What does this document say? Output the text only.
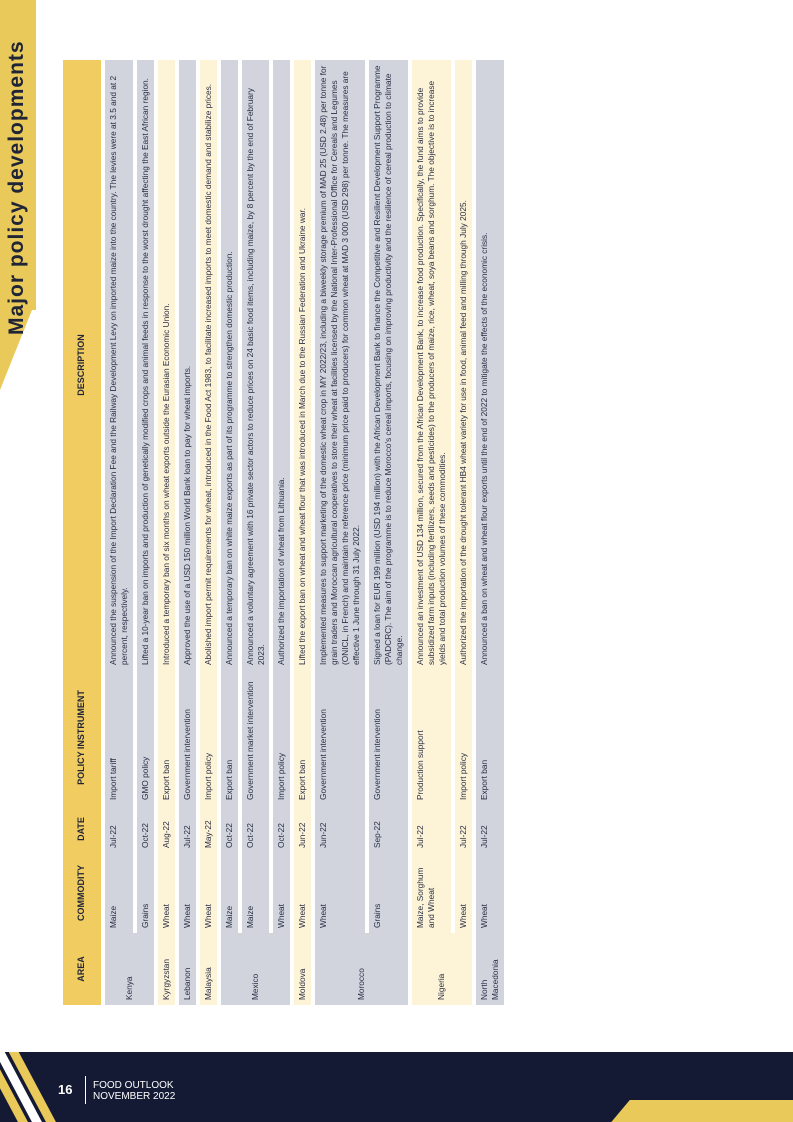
Major policy developments
AREA	COMMODITY	DATE	POLICY INSTRUMENT	DESCRIPTION
Kenya	Maize	Jul-22	Import tariff	Announced the suspension of the Import Declaration Fee and the Railway Development Levy on imported maize into the country. The levies were at 3.5 and at 2 percent, respectively.
	Grains	Oct-22	GMO policy	Lifted a 10-year ban on imports and production of genetically modified crops and animal feeds in response to the worst drought affecting the East African region.
Kyrgyzstan	Wheat	Aug-22	Export ban	Introduced a temporary ban of six months on wheat exports outside the Eurasian Economic Union.
Lebanon	Wheat	Jul-22	Government intervention	Approved the use of a USD 150 million World Bank loan to pay for wheat imports.
Malaysia	Wheat	May-22	Import policy	Abolished import permit requirements for wheat, introduced in the Food Act 1983, to facilitate increased imports to meet domestic demand and stabilize prices.
Mexico	Maize	Oct-22	Export ban	Announced a temporary ban on white maize exports as part of its programme to strengthen domestic production.
	Maize	Oct-22	Government market intervention	Announced a voluntary agreement with 16 private sector actors to reduce prices on 24 basic food items, including maize, by 8 percent by the end of February 2023.
	Wheat	Oct-22	Import policy	Authorized the importation of wheat from Lithuania.
Moldova	Wheat	Jun-22	Export ban	Lifted the export ban on wheat and wheat flour that was introduced in March due to the Russian Federation and Ukraine war.
Morocco	Wheat	Jun-22	Government intervention	Implemented measures to support marketing of the domestic wheat crop in MY 2022/23, including a biweekly storage premium of MAD 25 (USD 2.48) per tonne for grain traders and Moroccan agricultural cooperatives to store their wheat at facilities licensed by the National Inter-Professional Office for Cereals and Legumes (ONICL, in French) and maintain the reference price (minimum price paid to producers) for common wheat at MAD 3 000 (USD 298) per tonne. The measures are effective 1 June through 31 July 2022.
	Grains	Sep-22	Government intervention	Signed a loan for EUR 199 million (USD 194 million) with the African Development Bank to finance the Competitive and Resilient Development Support Programme (PADCRC). The aim of the programme is to reduce Morocco's cereal imports, focusing on improving productivity and the resilience of cereal production to climate change.
Nigeria	Maize, Sorghum and Wheat	Jul-22	Production support	Announced an investment of USD 134 million, secured from the African Development Bank, to increase food production. Specifically, the fund aims to provide subsidized farm inputs (including fertilizers, seeds and pesticides) to the producers of maize, rice, wheat, soya beans and sorghum. The objective is to increase yields and total production volumes of these commodities.
	Wheat	Jul-22	Import policy	Authorized the importation of the drought tolerant HB4 wheat variety for use in food, animal feed and milling through July 2025.
North Macedonia	Wheat	Jul-22	Export ban	Announced a ban on wheat and wheat flour exports until the end of 2022 to mitigate the effects of the economic crisis.
16 FOOD OUTLOOK
NOVEMBER 2022
